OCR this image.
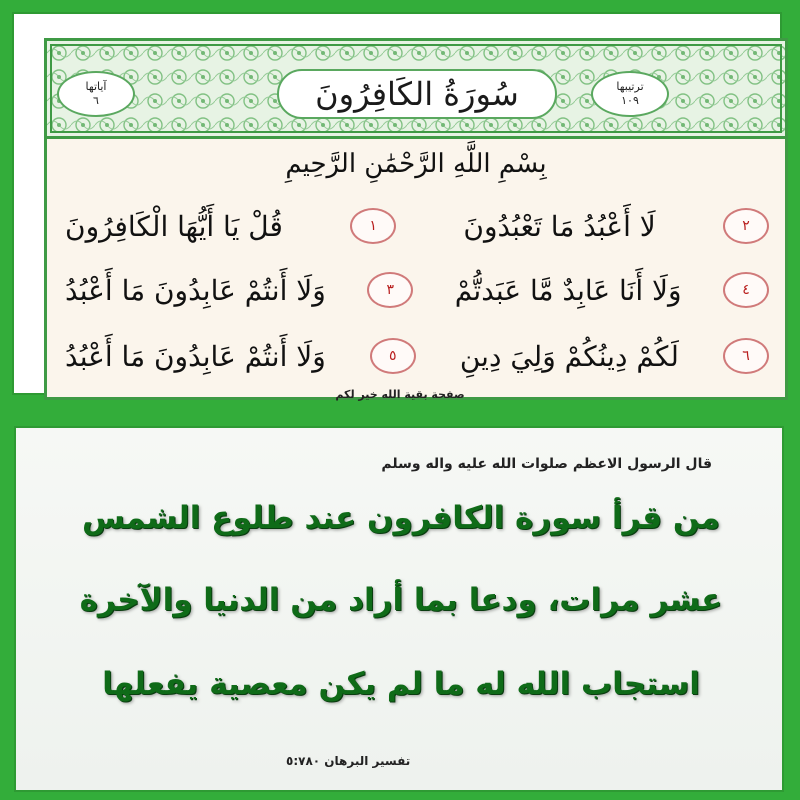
آياتها
٦	سُورَةُ الكَافِرُونَ	ترتيبها
١٠٩
بِسْمِ اللَّهِ الرَّحْمَٰنِ الرَّحِيمِ
قُلْ يَا أَيُّهَا الْكَافِرُونَ	١	لَا أَعْبُدُ مَا تَعْبُدُونَ	٢
وَلَا أَنتُمْ عَابِدُونَ مَا أَعْبُدُ	٣	وَلَا أَنَا عَابِدٌ مَّا عَبَدتُّمْ	٤
وَلَا أَنتُمْ عَابِدُونَ مَا أَعْبُدُ	٥	لَكُمْ دِينُكُمْ وَلِيَ دِينِ	٦
صفحة بقية الله خير لكم
قال الرسول الاعظم صلوات الله عليه واله وسلم
من قرأ سورة الكافرون عند طلوع الشمس
عشر مرات، ودعا بما أراد من الدنيا والآخرة
استجاب الله له ما لم يكن معصية يفعلها
تفسير البرهان ٥:٧٨٠
